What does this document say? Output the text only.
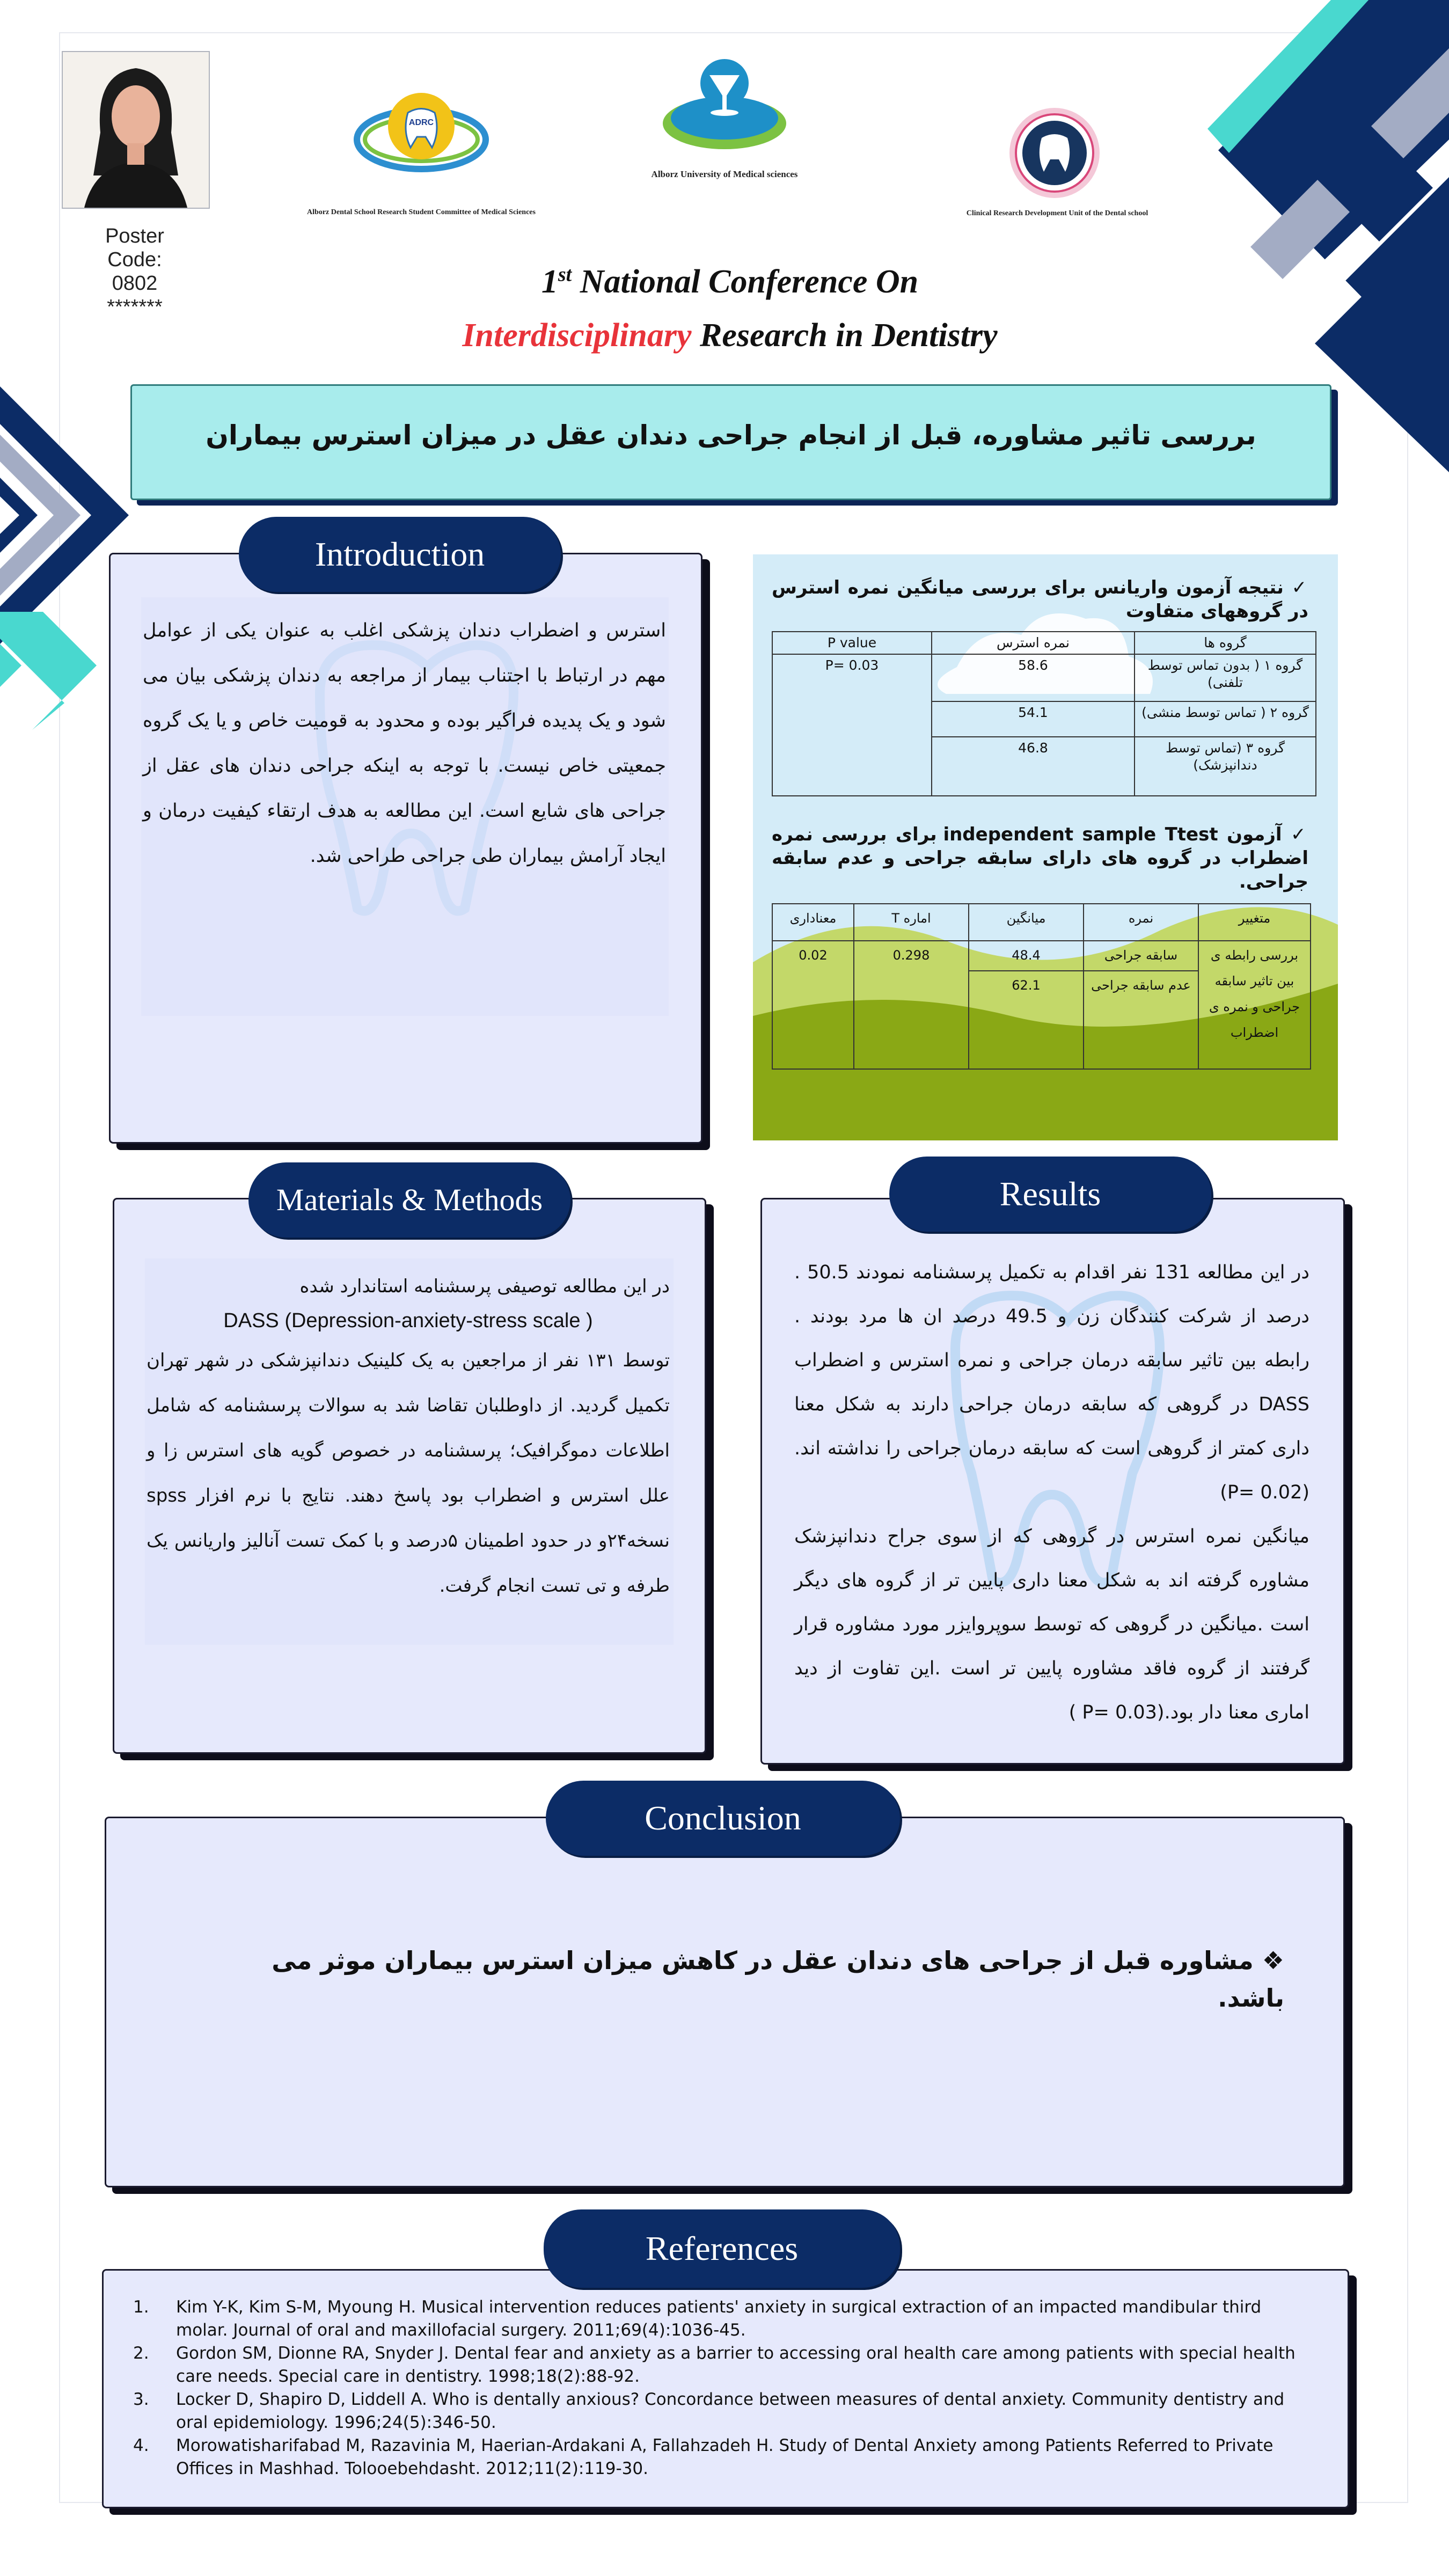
Poster
Code:
0802
*******
ADRC
Alborz Dental School Research Student Committee of Medical Sciences
Alborz University of Medical sciences
Clinical Research Development Unit of the Dental school
1st National Conference On
Interdisciplinary Research in Dentistry
بررسی تاثیر مشاوره، قبل از انجام جراحی دندان عقل در میزان استرس بیماران
استرس و اضطراب دندان پزشکی اغلب به عنوان یکی از عوامل مهم در ارتباط با اجتناب بیمار از مراجعه به دندان پزشکی بیان می شود و یک پدیده فراگیر بوده و محدود به قومیت خاص و یا یک گروه جمعیتی خاص نیست. با توجه به اینکه جراحی دندان های عقل از جراحی های شایع است. این مطالعه به هدف ارتقاء کیفیت درمان و ایجاد آرامش بیماران طی جراحی طراحی شد.
Introduction
✓ نتیجه آزمون واریانس برای بررسی میانگین نمره استرس در گروههای متفاوت
گروه ها	نمره استرس	P value
گروه ۱ ( بدون تماس توسط تلفنی)	58.6	P= 0.03
گروه ۲ ( تماس توسط منشی)	54.1	
گروه ۳ (تماس توسط دندانپزشک)	46.8	
✓ آزمون independent sample Ttest برای بررسی نمره اضطراب در گروه های دارای سابقه جراحی و عدم سابقه جراحی.
متغییر	نمره	میانگین	اماره T	معناداری
بررسی رابطه ی بین تاثیر سابقه جراحی و نمره ی اضطراب	سابقه جراحی	48.4	0.298	0.02
	عدم سابقه جراحی	62.1		
در این مطالعه توصیفی پرسشنامه استاندارد شده
DASS (Depression-anxiety-stress scale )
توسط ۱۳۱ نفر از مراجعین به یک کلینیک دندانپزشکی در شهر تهران تکمیل گردید. از داوطلبان تقاضا شد به سوالات پرسشنامه که شامل اطلاعات دموگرافیک؛ پرسشنامه در خصوص گویه های استرس زا و علل استرس و اضطراب بود پاسخ دهند. نتایج با نرم افزار spss نسخه۲۴و در حدود اطمینان ۵درصد و با کمک تست آنالیز واریانس یک طرفه و تی تست انجام گرفت.
Materials & Methods
در این مطالعه 131 نفر اقدام به تکمیل پرسشنامه نمودند 50.5 . درصد از شرکت کنندگان زن و 49.5 درصد ان ها مرد بودند . رابطه بین تاثیر سابقه درمان جراحی و نمره استرس و اضطراب DASS در گروهی که سابقه درمان جراحی دارند به شکل معنا داری کمتر از گروهی است که سابقه درمان جراحی را نداشته اند.(P= 0.02)
میانگین نمره استرس در گروهی که از سوی جراح دندانپزشک مشاوره گرفته اند به شکل معنا داری پایین تر از گروه های دیگر است .میانگین در گروهی که توسط سوپروایزر مورد مشاوره قرار گرفتند از گروه فاقد مشاوره پایین تر است .این تفاوت از دید اماری معنا دار بود.(P= 0.03 )
Results
❖ مشاوره قبل از جراحی های دندان عقل در کاهش میزان استرس بیماران موثر می باشد.
Conclusion
References
1. Kim Y-K, Kim S-M, Myoung H. Musical intervention reduces patients' anxiety in surgical extraction of an impacted mandibular third molar. Journal of oral and maxillofacial surgery. 2011;69(4):1036-45.
2. Gordon SM, Dionne RA, Snyder J. Dental fear and anxiety as a barrier to accessing oral health care among patients with special health care needs. Special care in dentistry. 1998;18(2):88-92.
3. Locker D, Shapiro D, Liddell A. Who is dentally anxious? Concordance between measures of dental anxiety. Community dentistry and oral epidemiology. 1996;24(5):346-50.
4. Morowatisharifabad M, Razavinia M, Haerian-Ardakani A, Fallahzadeh H. Study of Dental Anxiety among Patients Referred to Private Offices in Mashhad. Tolooebehdasht. 2012;11(2):119-30.
